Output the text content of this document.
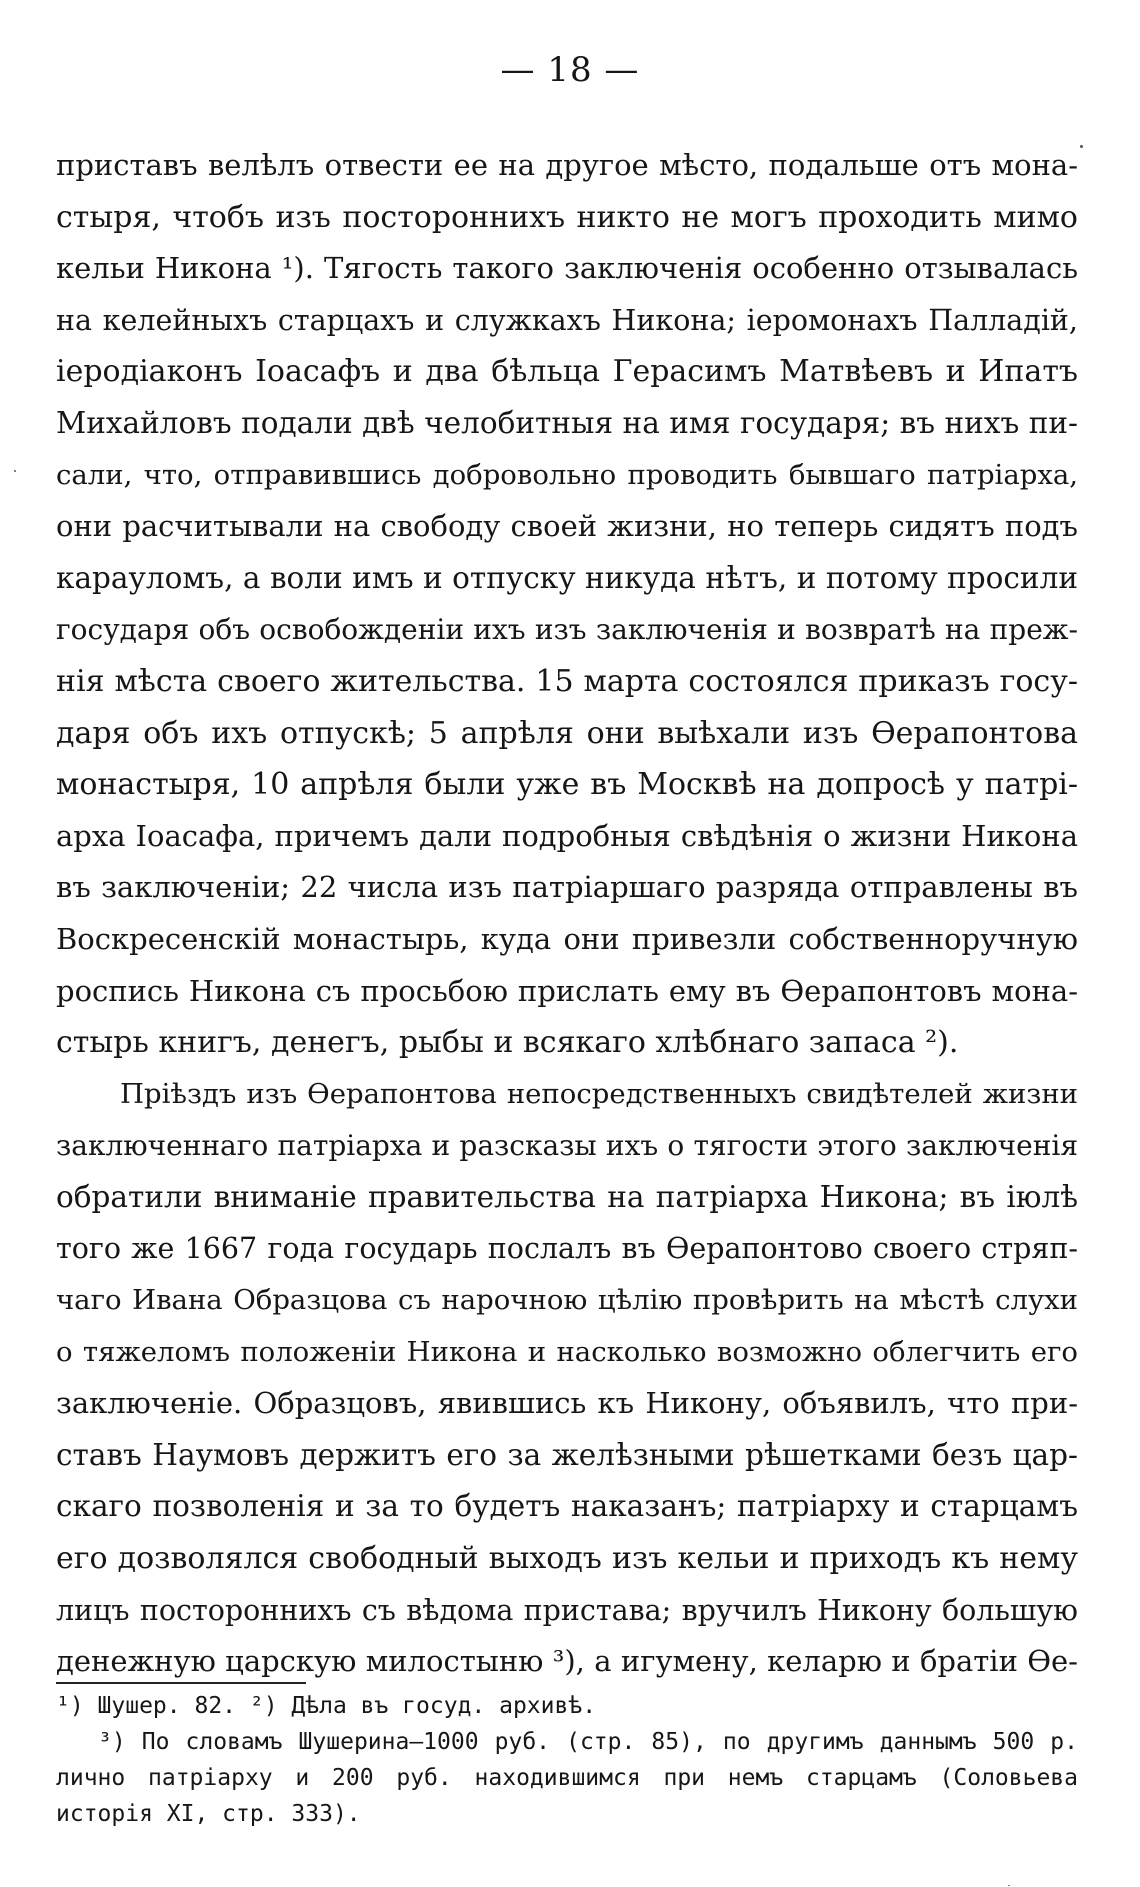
— 18 —
приставъ велѣлъ отвести ее на другое мѣсто, подальше отъ мона-
стыря, чтобъ изъ постороннихъ никто не могъ проходить мимо
кельи Никона ¹). Тягость такого заключенія особенно отзывалась
на келейныхъ старцахъ и служкахъ Никона; іеромонахъ Палладій,
іеродіаконъ Іоасафъ и два бѣльца Герасимъ Матвѣевъ и Ипатъ
Михайловъ подали двѣ челобитныя на имя государя; въ нихъ пи-
сали, что, отправившись добровольно проводить бывшаго патріарха,
они расчитывали на свободу своей жизни, но теперь сидятъ подъ
карауломъ, а воли имъ и отпуску никуда нѣтъ, и потому просили
государя объ освобожденіи ихъ изъ заключенія и возвратѣ на преж-
нія мѣста своего жительства. 15 марта состоялся приказъ госу-
даря объ ихъ отпускѣ; 5 апрѣля они выѣхали изъ Ѳерапонтова
монастыря, 10 апрѣля были уже въ Москвѣ на допросѣ у патрі-
арха Іоасафа, причемъ дали подробныя свѣдѣнія о жизни Никона
въ заключеніи; 22 числа изъ патріаршаго разряда отправлены въ
Воскресенскій монастырь, куда они привезли собственноручную
роспись Никона съ просьбою прислать ему въ Ѳерапонтовъ мона-
стырь книгъ, денегъ, рыбы и всякаго хлѣбнаго запаса ²).
Пріѣздъ изъ Ѳерапонтова непосредственныхъ свидѣтелей жизни
заключеннаго патріарха и разсказы ихъ о тягости этого заключенія
обратили вниманіе правительства на патріарха Никона; въ іюлѣ
того же 1667 года государь послалъ въ Ѳерапонтово своего стряп-
чаго Ивана Образцова съ нарочною цѣлію провѣрить на мѣстѣ слухи
о тяжеломъ положеніи Никона и насколько возможно облегчить его
заключеніе. Образцовъ, явившись къ Никону, объявилъ, что при-
ставъ Наумовъ держитъ его за желѣзными рѣшетками безъ цар-
скаго позволенія и за то будетъ наказанъ; патріарху и старцамъ
его дозволялся свободный выходъ изъ кельи и приходъ къ нему
лицъ постороннихъ съ вѣдома пристава; вручилъ Никону большую
денежную царскую милостыню ³), а игумену, келарю и братіи Ѳе-
¹) Шушер. 82. ²) Дѣла въ госуд. архивѣ.
³) По словамъ Шушерина—1000 руб. (стр. 85), по другимъ даннымъ 500 р.
лично патріарху и 200 руб. находившимся при немъ старцамъ (Соловьева
исторія XI, стр. 333).
